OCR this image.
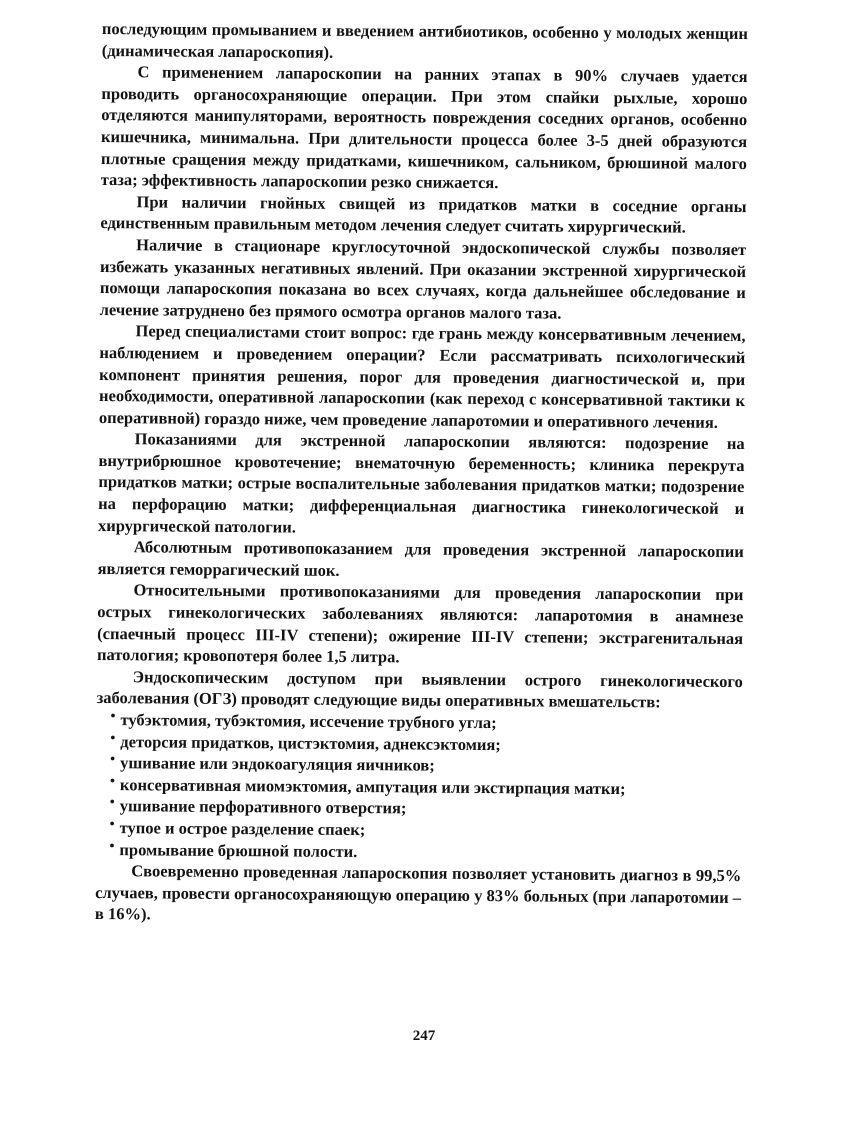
последующим промыванием и введением антибиотиков, особенно у молодых женщин (динамическая лапароскопия).

С применением лапароскопии на ранних этапах в 90% случаев удается проводить органосохраняющие операции. При этом спайки рыхлые, хорошо отделяются манипуляторами, вероятность повреждения соседних органов, особенно кишечника, минимальна. При длительности процесса более 3-5 дней образуются плотные сращения между придатками, кишечником, сальником, брюшиной малого таза; эффективность лапароскопии резко снижается.

При наличии гнойных свищей из придатков матки в соседние органы единственным правильным методом лечения следует считать хирургический.

Наличие в стационаре круглосуточной эндоскопической службы позволяет избежать указанных негативных явлений. При оказании экстренной хирургической помощи лапароскопия показана во всех случаях, когда дальнейшее обследование и лечение затруднено без прямого осмотра органов малого таза.

Перед специалистами стоит вопрос: где грань между консервативным лечением, наблюдением и проведением операции? Если рассматривать психологический компонент принятия решения, порог для проведения диагностической и, при необходимости, оперативной лапароскопии (как переход с консервативной тактики к оперативной) гораздо ниже, чем проведение лапаротомии и оперативного лечения.

Показаниями для экстренной лапароскопии являются: подозрение на внутрибрюшное кровотечение; внематочную беременность; клиника перекрута придатков матки; острые воспалительные заболевания придатков матки; подозрение на перфорацию матки; дифференциальная диагностика гинекологической и хирургической патологии.

Абсолютным противопоказанием для проведения экстренной лапароскопии является геморрагический шок.

Относительными противопоказаниями для проведения лапароскопии при острых гинекологических заболеваниях являются: лапаротомия в анамнезе (спаечный процесс III-IV степени); ожирение III-IV степени; экстрагенитальная патология; кровопотеря более 1,5 литра.

Эндоскопическим доступом при выявлении острого гинекологического заболевания (ОГЗ) проводят следующие виды оперативных вмешательств:

• тубэктомия, тубэктомия, иссечение трубного угла;
• деторсия придатков, цистэктомия, аднексэктомия;
• ушивание или эндокоагуляция яичников;
• консервативная миомэктомия, ампутация или экстирпация матки;
• ушивание перфоративного отверстия;
• тупое и острое разделение спаек;
• промывание брюшной полости.

Своевременно проведенная лапароскопия позволяет установить диагноз в 99,5% случаев, провести органосохраняющую операцию у 83% больных (при лапаротомии – в 16%).

247
